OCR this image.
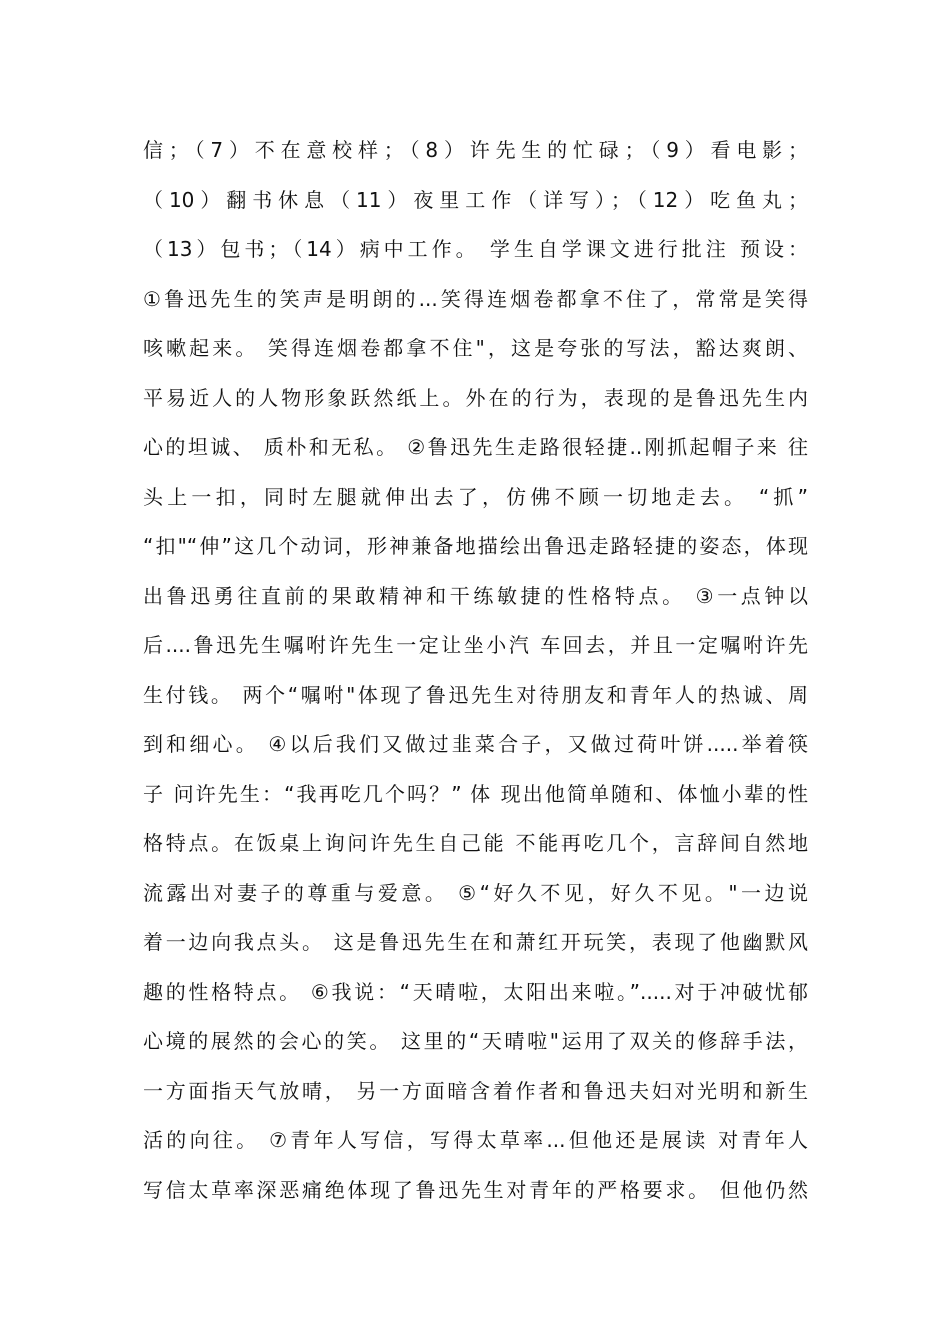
信；（7）不在意校样；（8）许先生的忙碌；（9）看电影；
（10）翻书休息（11）夜里工作（详写）；（12）吃鱼丸；
（13）包书；（14）病中工作。 学生自学课文进行批注 预设：
①鲁迅先生的笑声是明朗的...笑得连烟卷都拿不住了，常常是笑得
咳嗽起来。 笑得连烟卷都拿不住"，这是夸张的写法，豁达爽朗、
平易近人的人物形象跃然纸上。外在的行为，表现的是鲁迅先生内
心的坦诚、 质朴和无私。 ②鲁迅先生走路很轻捷..刚抓起帽子来 往
头上一扣，同时左腿就伸出去了，仿佛不顾一切地走去。 “抓”
“扣"“伸”这几个动词，形神兼备地描绘出鲁迅走路轻捷的姿态，体现
出鲁迅勇往直前的果敢精神和干练敏捷的性格特点。 ③一点钟以
后....鲁迅先生嘱咐许先生一定让坐小汽 车回去，并且一定嘱咐许先
生付钱。 两个“嘱咐"体现了鲁迅先生对待朋友和青年人的热诚、周
到和细心。 ④以后我们又做过韭菜合子，又做过荷叶饼.....举着筷
子 问许先生：“我再吃几个吗？” 体 现出他简单随和、体恤小辈的性
格特点。在饭桌上询问许先生自己能 不能再吃几个，言辞间自然地
流露出对妻子的尊重与爱意。 ⑤“好久不见，好久不见。"一边说
着一边向我点头。 这是鲁迅先生在和萧红开玩笑，表现了他幽默风
趣的性格特点。 ⑥我说：“天晴啦，太阳出来啦。”.....对于冲破忧郁
心境的展然的会心的笑。 这里的“天晴啦"运用了双关的修辞手法，
一方面指天气放晴， 另一方面暗含着作者和鲁迅夫妇对光明和新生
活的向往。 ⑦青年人写信，写得太草率...但他还是展读 对青年人
写信太草率深恶痛绝体现了鲁迅先生对青年的严格要求。 但他仍然
